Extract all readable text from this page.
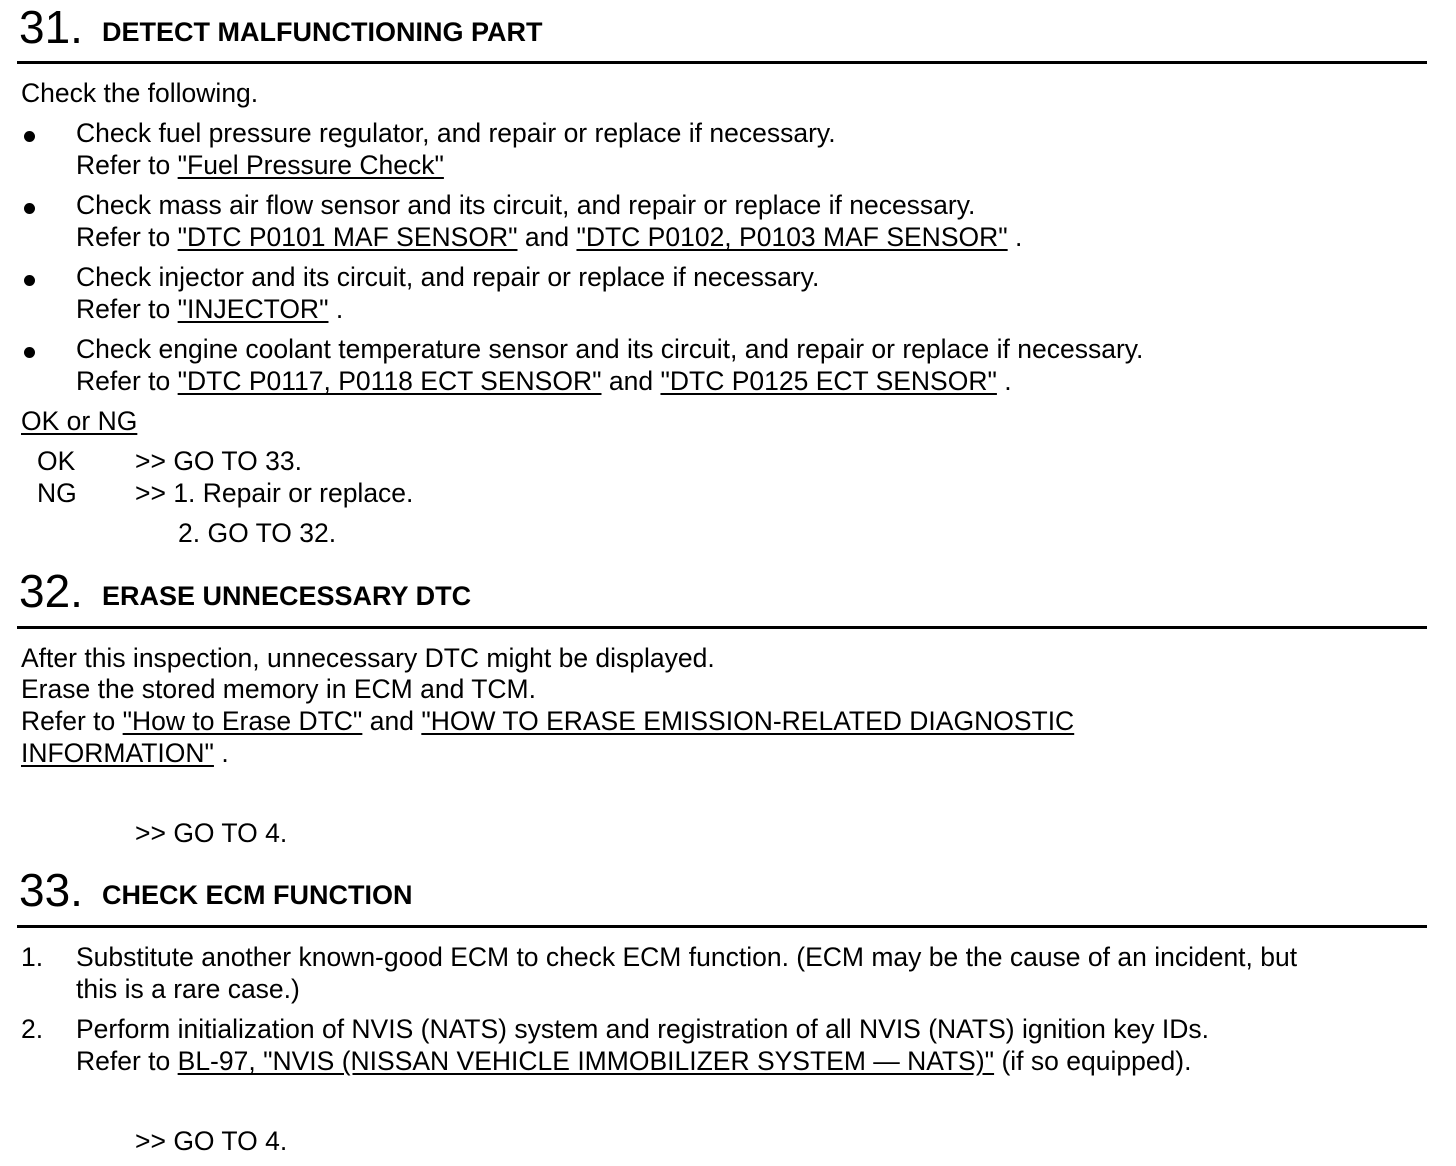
31. DETECT MALFUNCTIONING PART
Check the following.
Check fuel pressure regulator, and repair or replace if necessary.
Refer to "Fuel Pressure Check"
Check mass air flow sensor and its circuit, and repair or replace if necessary.
Refer to "DTC P0101 MAF SENSOR" and "DTC P0102, P0103 MAF SENSOR" .
Check injector and its circuit, and repair or replace if necessary.
Refer to "INJECTOR" .
Check engine coolant temperature sensor and its circuit, and repair or replace if necessary.
Refer to "DTC P0117, P0118 ECT SENSOR" and "DTC P0125 ECT SENSOR" .
OK or NG
OK >> GO TO 33.
NG >> 1. Repair or replace.
2. GO TO 32.
32. ERASE UNNECESSARY DTC
After this inspection, unnecessary DTC might be displayed.
Erase the stored memory in ECM and TCM.
Refer to "How to Erase DTC" and "HOW TO ERASE EMISSION-RELATED DIAGNOSTIC
INFORMATION" .
>> GO TO 4.
33. CHECK ECM FUNCTION
1. Substitute another known-good ECM to check ECM function. (ECM may be the cause of an incident, but
this is a rare case.)
2. Perform initialization of NVIS (NATS) system and registration of all NVIS (NATS) ignition key IDs.
Refer to BL-97, "NVIS (NISSAN VEHICLE IMMOBILIZER SYSTEM — NATS)" (if so equipped).
>> GO TO 4.
